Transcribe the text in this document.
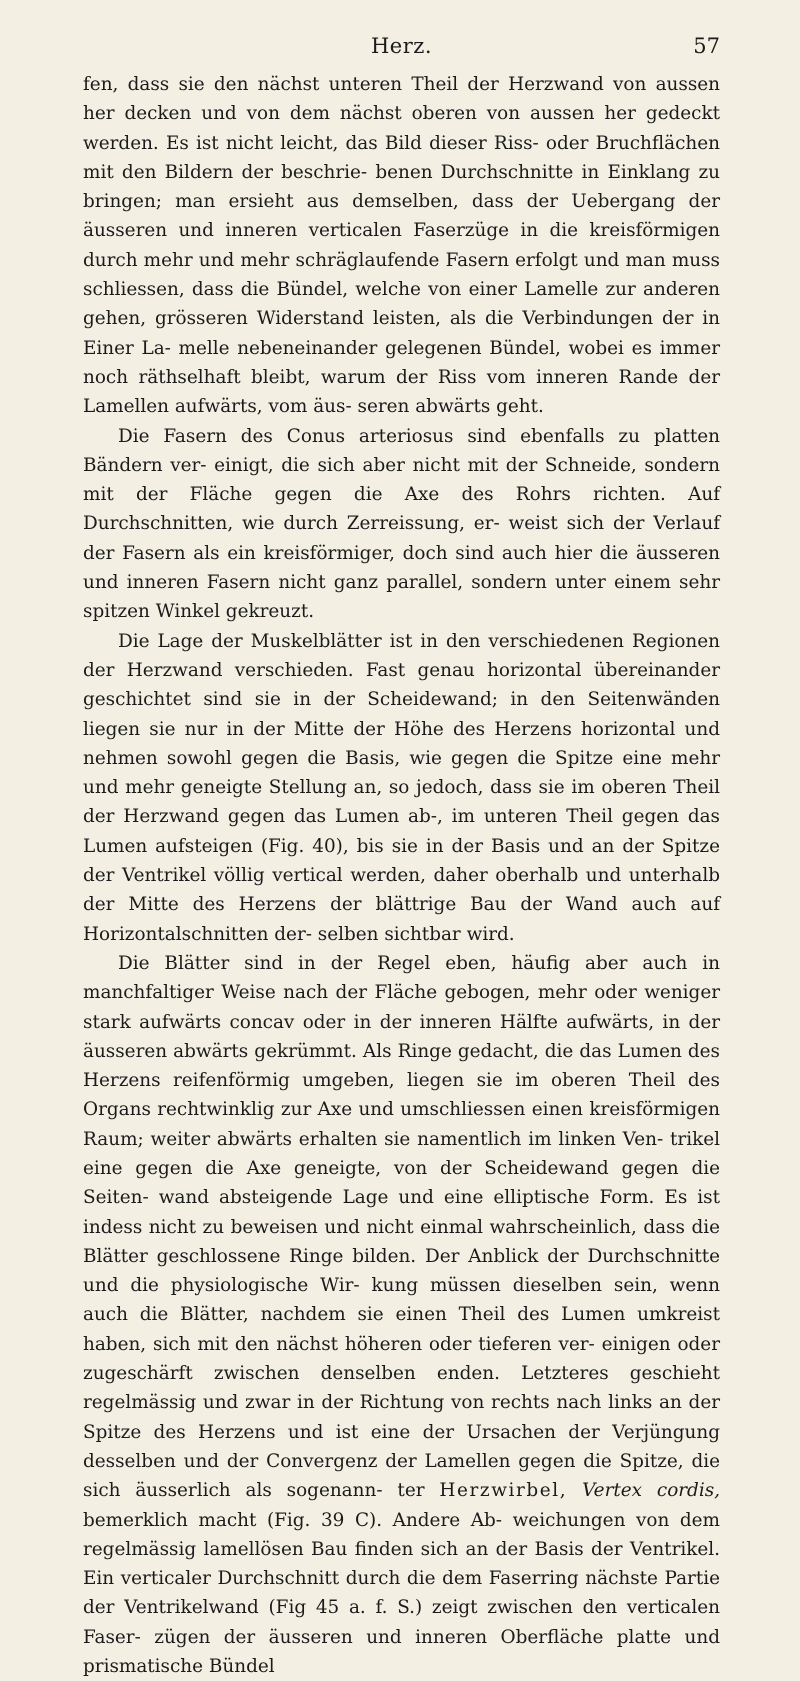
Herz.	57

fen, dass sie den nächst unteren Theil der Herzwand von aussen her decken und von dem nächst oberen von aussen her gedeckt werden. Es ist nicht leicht, das Bild dieser Riss- oder Bruchflächen mit den Bildern der beschrie- benen Durchschnitte in Einklang zu bringen; man ersieht aus demselben, dass der Uebergang der äusseren und inneren verticalen Faserzüge in die kreisförmigen durch mehr und mehr schräglaufende Fasern erfolgt und man muss schliessen, dass die Bündel, welche von einer Lamelle zur anderen gehen, grösseren Widerstand leisten, als die Verbindungen der in Einer La- melle nebeneinander gelegenen Bündel, wobei es immer noch räthselhaft bleibt, warum der Riss vom inneren Rande der Lamellen aufwärts, vom äus- seren abwärts geht.

Die Fasern des Conus arteriosus sind ebenfalls zu platten Bändern ver- einigt, die sich aber nicht mit der Schneide, sondern mit der Fläche gegen die Axe des Rohrs richten. Auf Durchschnitten, wie durch Zerreissung, er- weist sich der Verlauf der Fasern als ein kreisförmiger, doch sind auch hier die äusseren und inneren Fasern nicht ganz parallel, sondern unter einem sehr spitzen Winkel gekreuzt.

Die Lage der Muskelblätter ist in den verschiedenen Regionen der Herzwand verschieden. Fast genau horizontal übereinander geschichtet sind sie in der Scheidewand; in den Seitenwänden liegen sie nur in der Mitte der Höhe des Herzens horizontal und nehmen sowohl gegen die Basis, wie gegen die Spitze eine mehr und mehr geneigte Stellung an, so jedoch, dass sie im oberen Theil der Herzwand gegen das Lumen ab-, im unteren Theil gegen das Lumen aufsteigen (Fig. 40), bis sie in der Basis und an der Spitze der Ventrikel völlig vertical werden, daher oberhalb und unterhalb der Mitte des Herzens der blättrige Bau der Wand auch auf Horizontalschnitten der- selben sichtbar wird.

Die Blätter sind in der Regel eben, häufig aber auch in manchfaltiger Weise nach der Fläche gebogen, mehr oder weniger stark aufwärts concav oder in der inneren Hälfte aufwärts, in der äusseren abwärts gekrümmt. Als Ringe gedacht, die das Lumen des Herzens reifenförmig umgeben, liegen sie im oberen Theil des Organs rechtwinklig zur Axe und umschliessen einen kreisförmigen Raum; weiter abwärts erhalten sie namentlich im linken Ven- trikel eine gegen die Axe geneigte, von der Scheidewand gegen die Seiten- wand absteigende Lage und eine elliptische Form. Es ist indess nicht zu beweisen und nicht einmal wahrscheinlich, dass die Blätter geschlossene Ringe bilden. Der Anblick der Durchschnitte und die physiologische Wir- kung müssen dieselben sein, wenn auch die Blätter, nachdem sie einen Theil des Lumen umkreist haben, sich mit den nächst höheren oder tieferen ver- einigen oder zugeschärft zwischen denselben enden. Letzteres geschieht regelmässig und zwar in der Richtung von rechts nach links an der Spitze des Herzens und ist eine der Ursachen der Verjüngung desselben und der Convergenz der Lamellen gegen die Spitze, die sich äusserlich als sogenann- ter Herzwirbel, Vertex cordis, bemerklich macht (Fig. 39 C). Andere Ab- weichungen von dem regelmässig lamellösen Bau finden sich an der Basis der Ventrikel. Ein verticaler Durchschnitt durch die dem Faserring nächste Partie der Ventrikelwand (Fig 45 a. f. S.) zeigt zwischen den verticalen Faser- zügen der äusseren und inneren Oberfläche platte und prismatische Bündel
